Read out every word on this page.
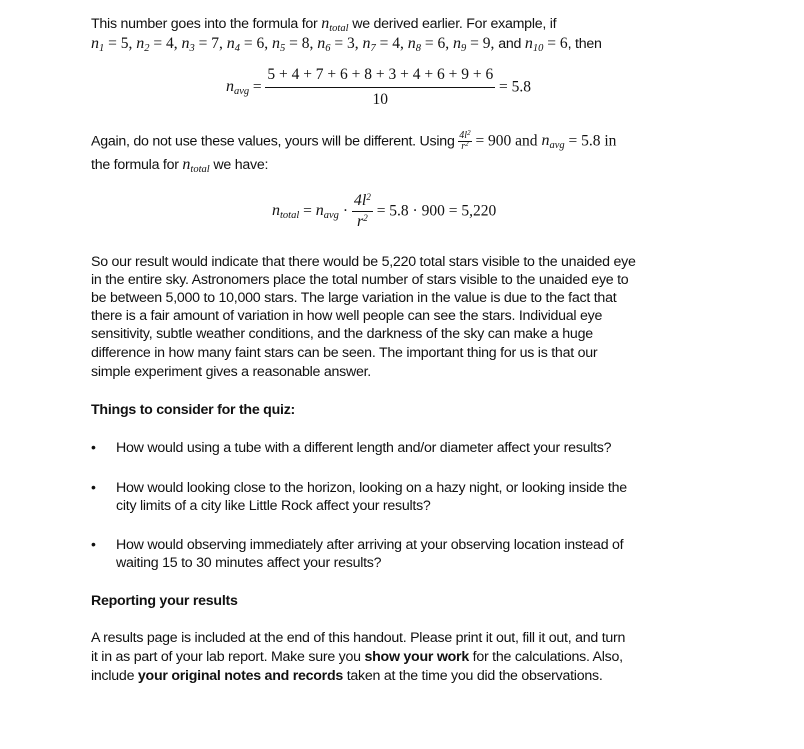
This number goes into the formula for $n_{total}$ we derived earlier. For example, if
$n_1 = 5$, $n_2 = 4$, $n_3 = 7$, $n_4 = 6$, $n_5 = 8$, $n_6 = 3$, $n_7 = 4$, $n_8 = 6$, $n_9 = 9$, and $n_{10} = 6$, then
$n_{avg} = \frac{5 + 4 + 7 + 6 + 8 + 3 + 4 + 6 + 9 + 6}{10} = 5.8$
Again, do not use these values, yours will be different. Using $\frac{4l^2}{r^2} = 900$ and $n_{avg} = 5.8$ in
the formula for $n_{total}$ we have:
$n_{total} = n_{avg} \cdot \frac{4l^2}{r^2} = 5.8 \cdot 900 = 5,220$
So our result would indicate that there would be 5,220 total stars visible to the unaided eye
in the entire sky. Astronomers place the total number of stars visible to the unaided eye to
be between 5,000 to 10,000 stars. The large variation in the value is due to the fact that
there is a fair amount of variation in how well people can see the stars. Individual eye
sensitivity, subtle weather conditions, and the darkness of the sky can make a huge
difference in how many faint stars can be seen. The important thing for us is that our
simple experiment gives a reasonable answer.
Things to consider for the quiz:
• How would using a tube with a different length and/or diameter affect your results?
• How would looking close to the horizon, looking on a hazy night, or looking inside the
city limits of a city like Little Rock affect your results?
• How would observing immediately after arriving at your observing location instead of
waiting 15 to 30 minutes affect your results?
Reporting your results
A results page is included at the end of this handout. Please print it out, fill it out, and turn
it in as part of your lab report. Make sure you show your work for the calculations. Also,
include your original notes and records taken at the time you did the observations.
